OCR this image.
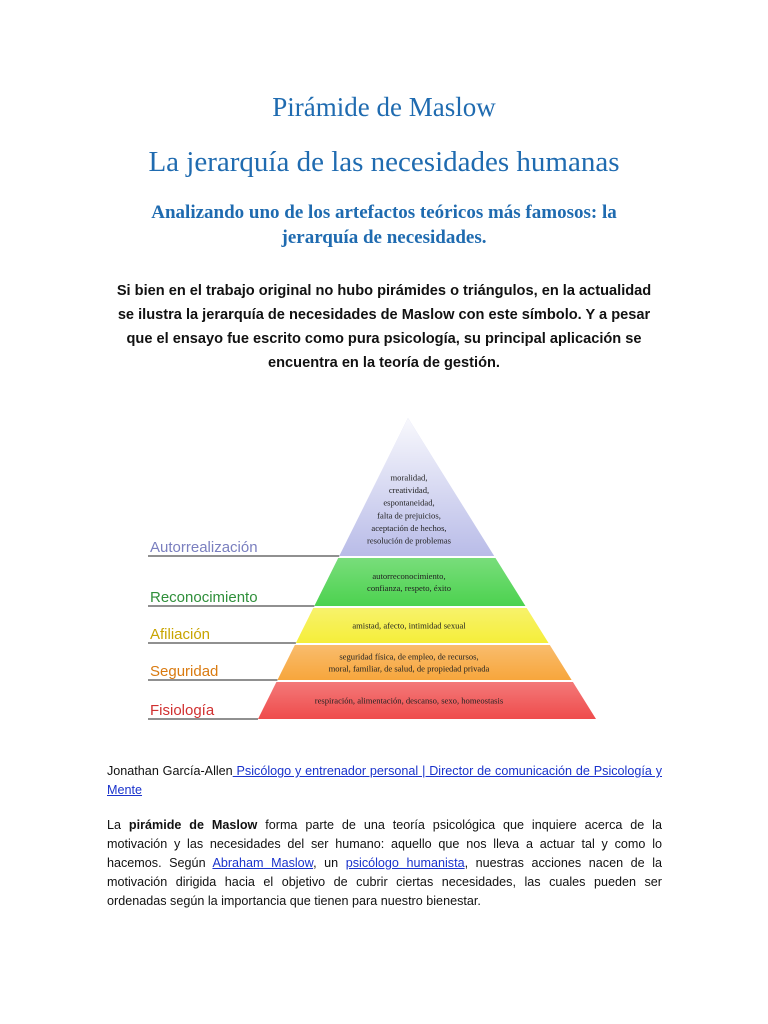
Pirámide de Maslow
La jerarquía de las necesidades humanas
Analizando uno de los artefactos teóricos más famosos: la jerarquía de necesidades.

Si bien en el trabajo original no hubo pirámides o triángulos, en la actualidad se ilustra la jerarquía de necesidades de Maslow con este símbolo. Y a pesar que el ensayo fue escrito como pura psicología, su principal aplicación se encuentra en la teoría de gestión.

Autorrealización
moralidad,
creatividad,
espontaneidad,
falta de prejuicios,
aceptación de hechos,
resolución de problemas
Reconocimiento
autorreconocimiento,
confianza, respeto, éxito
Afiliación
amistad, afecto, intimidad sexual
Seguridad
seguridad física, de empleo, de recursos,
moral, familiar, de salud, de propiedad privada
Fisiología
respiración, alimentación, descanso, sexo, homeostasis
Jonathan García-Allen Psicólogo y entrenador personal | Director de comunicación de Psicología y Mente
La pirámide de Maslow forma parte de una teoría psicológica que inquiere acerca de la motivación y las necesidades del ser humano: aquello que nos lleva a actuar tal y como lo hacemos. Según Abraham Maslow, un psicólogo humanista, nuestras acciones nacen de la motivación dirigida hacia el objetivo de cubrir ciertas necesidades, las cuales pueden ser ordenadas según la importancia que tienen para nuestro bienestar.
